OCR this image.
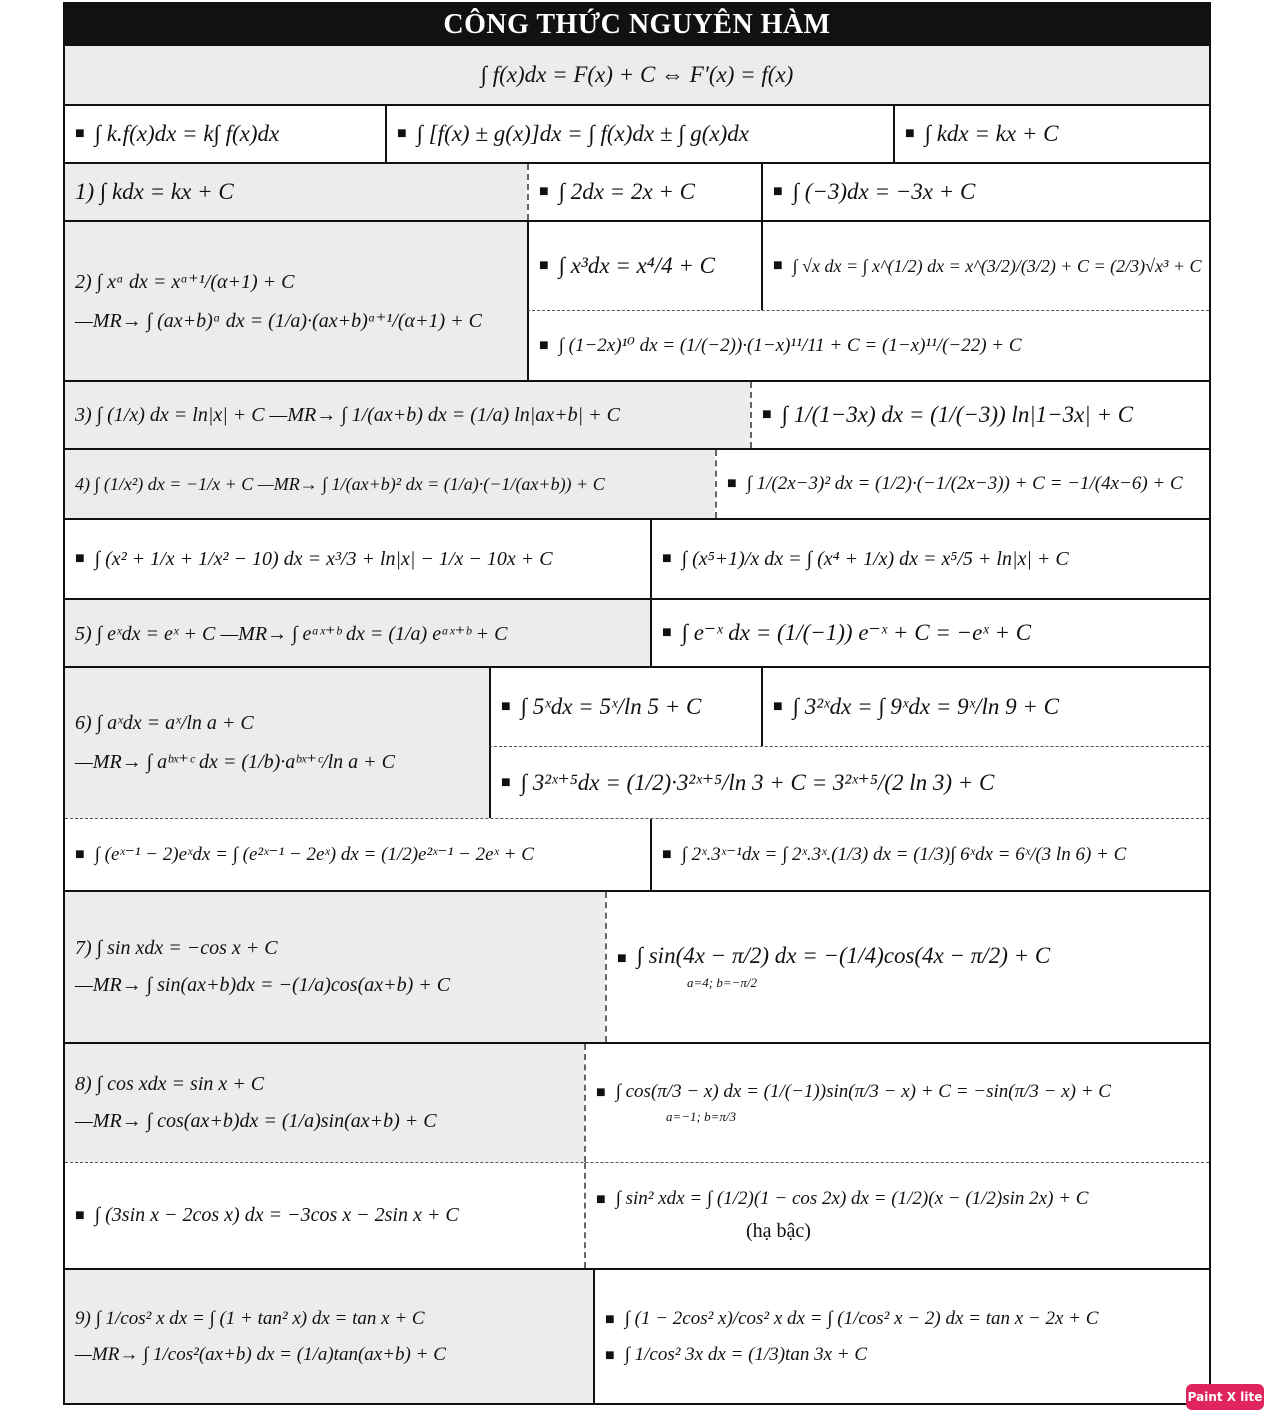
CÔNG THỨC NGUYÊN HÀM
∫ f(x)dx = F(x) + C ⇔ F′(x) = f(x)
■ ∫ k.f(x)dx = k∫ f(x)dx	■ ∫ [f(x) ± g(x)]dx = ∫ f(x)dx ± ∫ g(x)dx	■ ∫ kdx = kx + C
1) ∫ kdx = kx + C	■ ∫ 2dx = 2x + C	■ ∫ (−3)dx = −3x + C
2) ∫ xᵅ dx = xᵅ⁺¹/(α+1) + C
—MR→ ∫ (ax+b)ᵅ dx = (1/a)·(ax+b)ᵅ⁺¹/(α+1) + C
■ ∫ x³dx = x⁴/4 + C	■ ∫ √x dx = ∫ x^(1/2) dx = x^(3/2)/(3/2) + C = (2/3)√x³ + C
■ ∫ (1−2x)¹⁰ dx = (1/(−2))·(1−x)¹¹/11 + C = (1−x)¹¹/(−22) + C
3) ∫ (1/x) dx = ln|x| + C —MR→ ∫ 1/(ax+b) dx = (1/a) ln|ax+b| + C	■ ∫ 1/(1−3x) dx = (1/(−3)) ln|1−3x| + C
4) ∫ (1/x²) dx = −1/x + C —MR→ ∫ 1/(ax+b)² dx = (1/a)·(−1/(ax+b)) + C	■ ∫ 1/(2x−3)² dx = (1/2)·(−1/(2x−3)) + C = −1/(4x−6) + C
■ ∫ (x² + 1/x + 1/x² − 10) dx = x³/3 + ln|x| − 1/x − 10x + C	■ ∫ (x⁵+1)/x dx = ∫ (x⁴ + 1/x) dx = x⁵/5 + ln|x| + C
5) ∫ eˣdx = eˣ + C —MR→ ∫ eᵃˣ⁺ᵇ dx = (1/a) eᵃˣ⁺ᵇ + C	■ ∫ e⁻ˣ dx = (1/(−1)) e⁻ˣ + C = −eˣ + C
6) ∫ aˣdx = aˣ/ln a + C
—MR→ ∫ aᵇˣ⁺ᶜ dx = (1/b)·aᵇˣ⁺ᶜ/ln a + C
■ ∫ 5ˣdx = 5ˣ/ln 5 + C	■ ∫ 3²ˣdx = ∫ 9ˣdx = 9ˣ/ln 9 + C
■ ∫ 3²ˣ⁺⁵dx = (1/2)·3²ˣ⁺⁵/ln 3 + C = 3²ˣ⁺⁵/(2 ln 3) + C
■ ∫ (eˣ⁻¹ − 2)eˣdx = ∫ (e²ˣ⁻¹ − 2eˣ) dx = (1/2)e²ˣ⁻¹ − 2eˣ + C	■ ∫ 2ˣ.3ˣ⁻¹dx = ∫ 2ˣ.3ˣ.(1/3) dx = (1/3)∫ 6ˣdx = 6ˣ/(3 ln 6) + C
7) ∫ sin xdx = −cos x + C
—MR→ ∫ sin(ax+b)dx = −(1/a)cos(ax+b) + C
■ ∫ sin(4x − π/2) dx = −(1/4)cos(4x − π/2) + C
a=4; b=−π/2
8) ∫ cos xdx = sin x + C
—MR→ ∫ cos(ax+b)dx = (1/a)sin(ax+b) + C
■ ∫ cos(π/3 − x) dx = (1/(−1))sin(π/3 − x) + C = −sin(π/3 − x) + C
a=−1; b=π/3
■ ∫ (3sin x − 2cos x) dx = −3cos x − 2sin x + C
■ ∫ sin² xdx = ∫ (1/2)(1 − cos 2x) dx = (1/2)(x − (1/2)sin 2x) + C
(hạ bậc)
9) ∫ 1/cos² x dx = ∫ (1 + tan² x) dx = tan x + C
—MR→ ∫ 1/cos²(ax+b) dx = (1/a)tan(ax+b) + C
■ ∫ (1 − 2cos² x)/cos² x dx = ∫ (1/cos² x − 2) dx = tan x − 2x + C
■ ∫ 1/cos² 3x dx = (1/3)tan 3x + C
Paint X lite
